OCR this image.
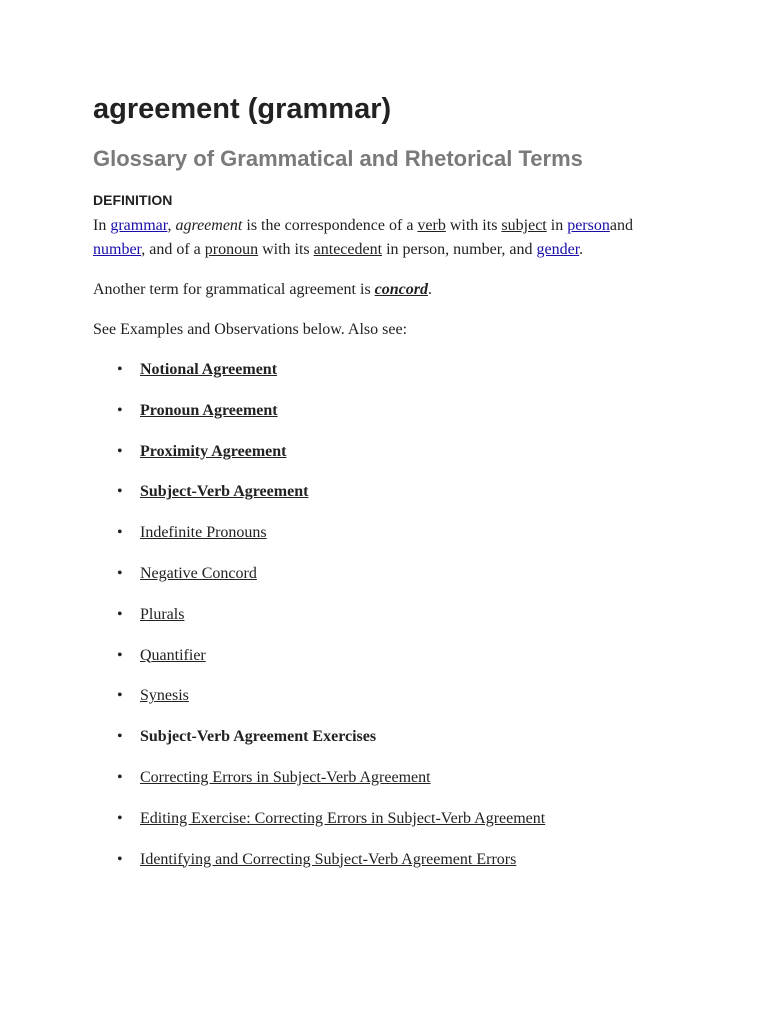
agreement (grammar)
Glossary of Grammatical and Rhetorical Terms
DEFINITION

In grammar, agreement is the correspondence of a verb with its subject in personand number, and of a pronoun with its antecedent in person, number, and gender.

Another term for grammatical agreement is concord.

See Examples and Observations below. Also see:

• Notional Agreement
• Pronoun Agreement
• Proximity Agreement
• Subject-Verb Agreement
• Indefinite Pronouns
• Negative Concord
• Plurals
• Quantifier
• Synesis
• Subject-Verb Agreement Exercises
• Correcting Errors in Subject-Verb Agreement
• Editing Exercise: Correcting Errors in Subject-Verb Agreement
• Identifying and Correcting Subject-Verb Agreement Errors
